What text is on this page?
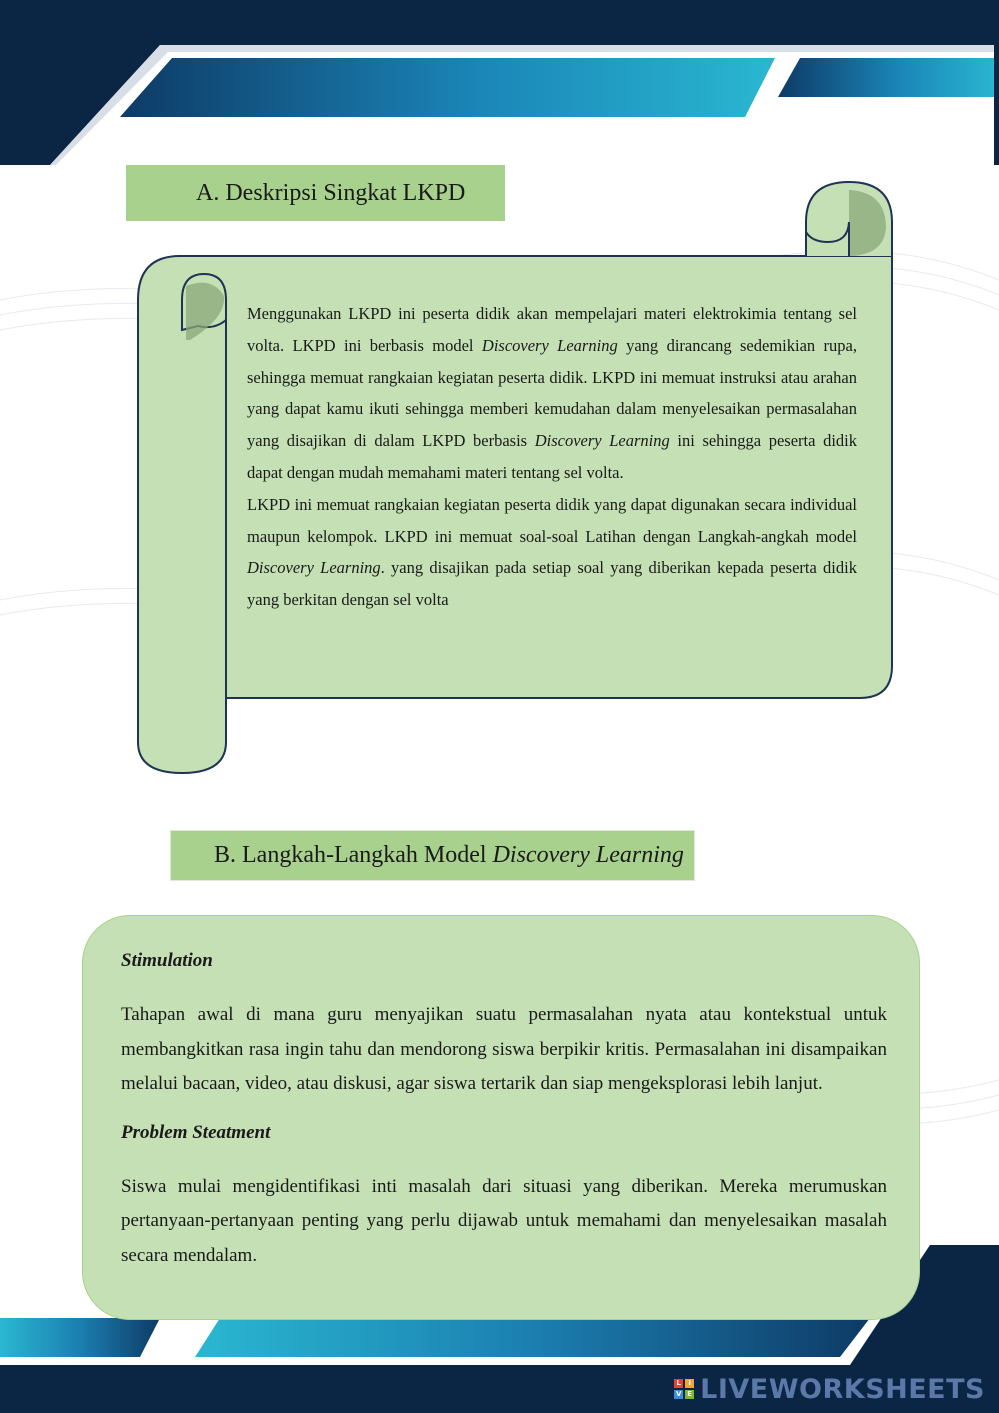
A. Deskripsi Singkat LKPD

Menggunakan LKPD ini peserta didik akan mempelajari materi elektrokimia tentang sel volta. LKPD ini berbasis model Discovery Learning yang dirancang sedemikian rupa, sehingga memuat rangkaian kegiatan peserta didik. LKPD ini memuat instruksi atau arahan yang dapat kamu ikuti sehingga memberi kemudahan dalam menyelesaikan permasalahan yang disajikan di dalam LKPD berbasis Discovery Learning ini sehingga peserta didik dapat dengan mudah memahami materi tentang sel volta.

LKPD ini memuat rangkaian kegiatan peserta didik yang dapat digunakan secara individual maupun kelompok. LKPD ini memuat soal-soal Latihan dengan Langkah-angkah model Discovery Learning. yang disajikan pada setiap soal yang diberikan kepada peserta didik yang berkitan dengan sel volta

B. Langkah-Langkah Model Discovery Learning
Stimulation
Tahapan awal di mana guru menyajikan suatu permasalahan nyata atau kontekstual untuk membangkitkan rasa ingin tahu dan mendorong siswa berpikir kritis. Permasalahan ini disampaikan melalui bacaan, video, atau diskusi, agar siswa tertarik dan siap mengeksplorasi lebih lanjut.
Problem Steatment
Siswa mulai mengidentifikasi inti masalah dari situasi yang diberikan. Mereka merumuskan pertanyaan-pertanyaan penting yang perlu dijawab untuk memahami dan menyelesaikan masalah secara mendalam.
L	I
V E LIVEWORKSHEETS
